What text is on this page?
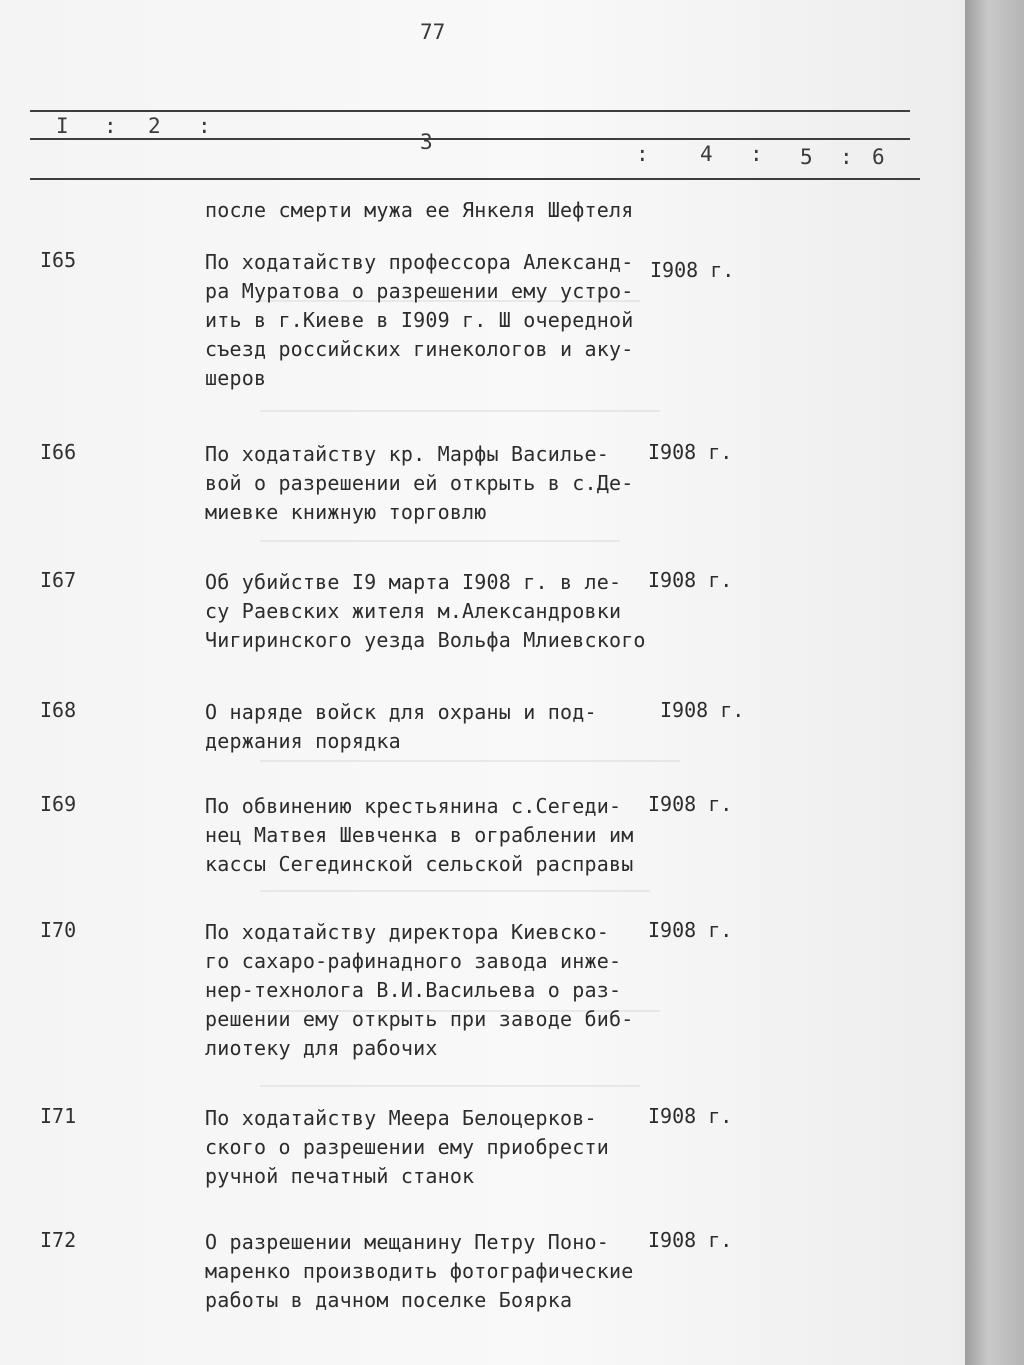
77
I : 2 :
3	: 4 : 5 : 6
после смерти мужа ее Янкеля Шефтеля
I65	По ходатайству профессора Александ-
ра Муратова о разрешении ему устро-
ить в г.Киеве в I909 г. Ш очередной
съезд российских гинекологов и аку-
шеров
I908 г.
I66	По ходатайству кр. Марфы Василье-
вой о разрешении ей открыть в с.Де-
миевке книжную торговлю
I908 г.
I67	Об убийстве I9 марта I908 г. в ле-
су Раевских жителя м.Александровки
Чигиринского уезда Вольфа Млиевского
I908 г.
I68	О наряде войск для охраны и под-
держания порядка
I908 г.
I69	По обвинению крестьянина с.Сегеди-
нец Матвея Шевченка в ограблении им
кассы Сегединской сельской расправы
I908 г.
I70	По ходатайству директора Киевско-
го сахаро-рафинадного завода инже-
нер-технолога В.И.Васильева о раз-
решении ему открыть при заводе биб-
лиотеку для рабочих
I908 г.
I71	По ходатайству Меера Белоцерков-
ского о разрешении ему приобрести
ручной печатный станок
I908 г.
I72	О разрешении мещанину Петру Поно-
маренко производить фотографические
работы в дачном поселке Боярка
I908 г.
